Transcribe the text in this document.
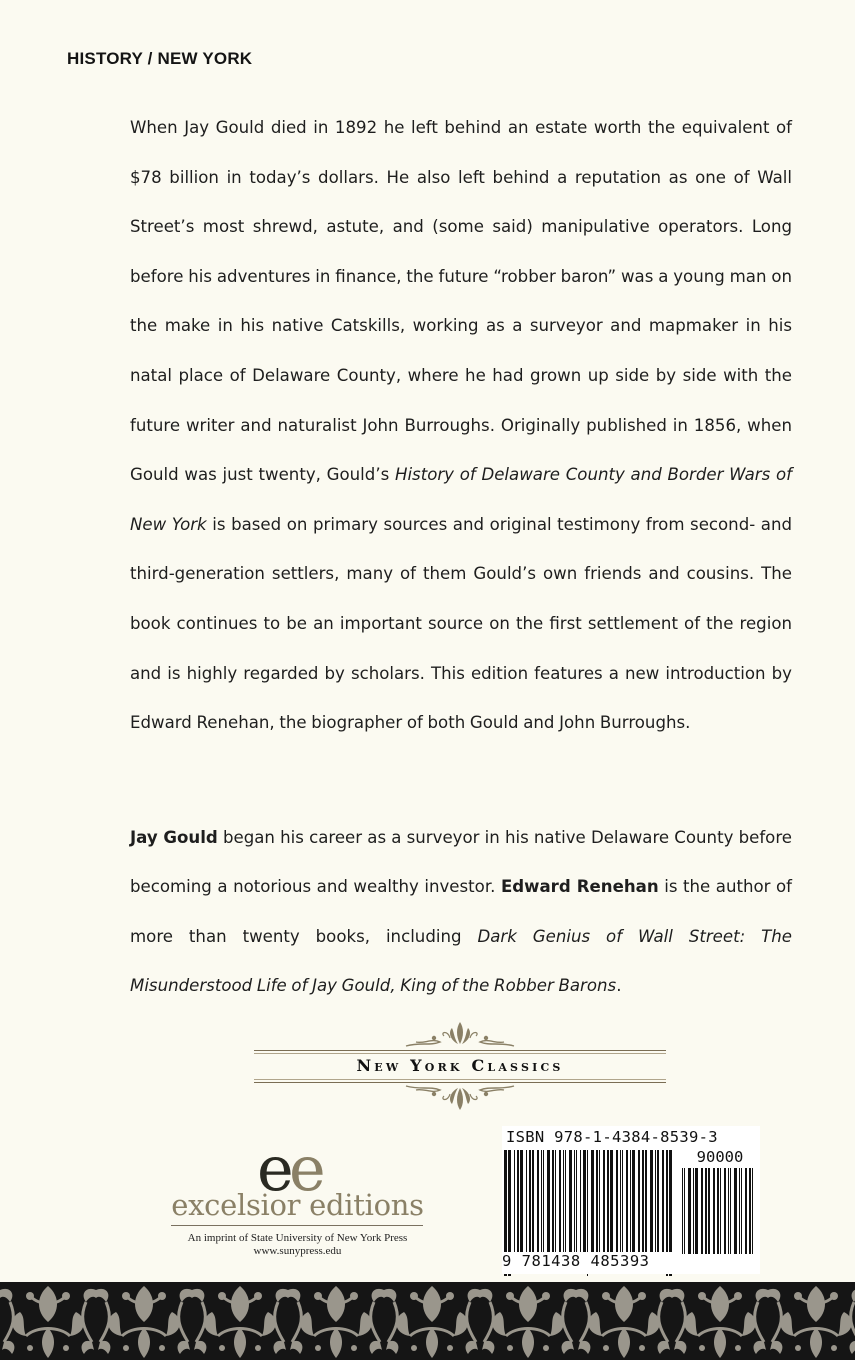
HISTORY / NEW YORK

When Jay Gould died in 1892 he left behind an estate worth the equivalent of $78 billion in today’s dollars. He also left behind a reputation as one of Wall Street’s most shrewd, astute, and (some said) manipulative operators. Long before his adventures in finance, the future “robber baron” was a young man on the make in his native Catskills, working as a surveyor and mapmaker in his natal place of Delaware County, where he had grown up side by side with the future writer and naturalist John Burroughs. Originally published in 1856, when Gould was just twenty, Gould’s History of Delaware County and Border Wars of New York is based on primary sources and original testimony from second- and third-generation settlers, many of them Gould’s own friends and cousins. The book continues to be an important source on the first settlement of the region and is highly regarded by scholars. This edition features a new introduction by Edward Renehan, the biographer of both Gould and John Burroughs.

Jay Gould began his career as a surveyor in his native Delaware County before becoming a notorious and wealthy investor. Edward Renehan is the author of more than twenty books, including Dark Genius of Wall Street: The Misunderstood Life of Jay Gould, King of the Robber Barons.

New York Classics
e
e
excelsior editions
An imprint of State University of New York Press
www.sunypress.edu
ISBN 978-1-4384-8539-3
90000
9 781438 485393
